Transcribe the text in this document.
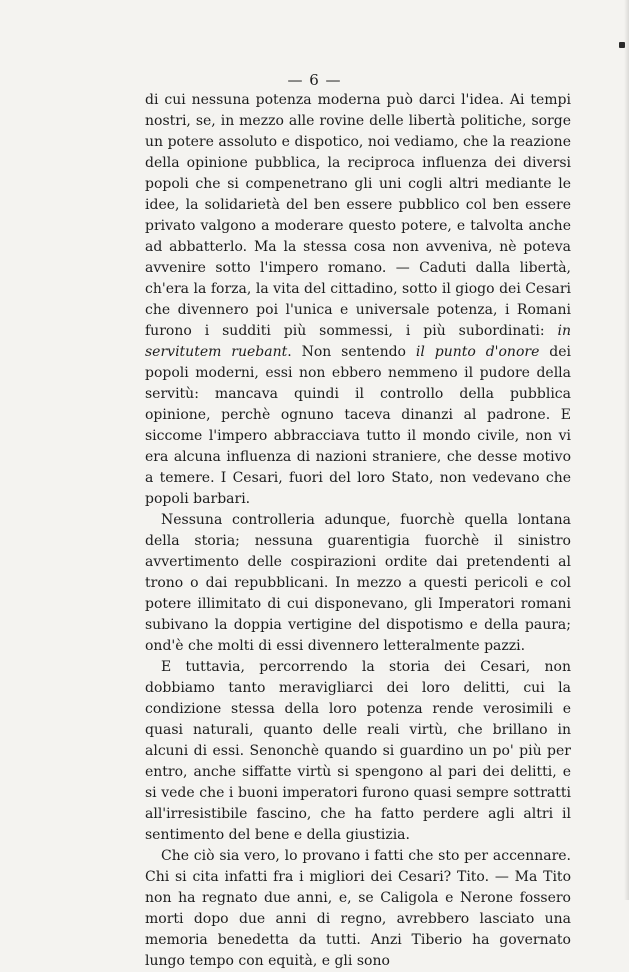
— 6 —

di cui nessuna potenza moderna può darci l'idea. Ai tempi nostri, se, in mezzo alle rovine delle libertà politiche, sorge un potere assoluto e dispotico, noi vediamo, che la reazione della opinione pubblica, la reciproca influenza dei diversi popoli che si compenetrano gli uni cogli altri mediante le idee, la solidarietà del ben essere pubblico col ben essere privato valgono a moderare questo potere, e talvolta anche ad abbatterlo. Ma la stessa cosa non avveniva, nè poteva avvenire sotto l'impero romano. — Caduti dalla libertà, ch'era la forza, la vita del cittadino, sotto il giogo dei Cesari che divennero poi l'unica e universale potenza, i Romani furono i sudditi più sommessi, i più subordinati: in servitutem ruebant. Non sentendo il punto d'onore dei popoli moderni, essi non ebbero nemmeno il pudore della servitù: mancava quindi il controllo della pubblica opinione, perchè ognuno taceva dinanzi al padrone. E siccome l'impero abbracciava tutto il mondo civile, non vi era alcuna influenza di nazioni straniere, che desse motivo a temere. I Cesari, fuori del loro Stato, non vedevano che popoli barbari.

Nessuna controlleria adunque, fuorchè quella lontana della storia; nessuna guarentigia fuorchè il sinistro avvertimento delle cospirazioni ordite dai pretendenti al trono o dai repubblicani. In mezzo a questi pericoli e col potere illimitato di cui disponevano, gli Imperatori romani subivano la doppia vertigine del dispotismo e della paura; ond'è che molti di essi divennero letteralmente pazzi.

E tuttavia, percorrendo la storia dei Cesari, non dobbiamo tanto meravigliarci dei loro delitti, cui la condizione stessa della loro potenza rende verosimili e quasi naturali, quanto delle reali virtù, che brillano in alcuni di essi. Senonchè quando si guardino un po' più per entro, anche siffatte virtù si spengono al pari dei delitti, e si vede che i buoni imperatori furono quasi sempre sottratti all'irresistibile fascino, che ha fatto perdere agli altri il sentimento del bene e della giustizia.

Che ciò sia vero, lo provano i fatti che sto per accennare. Chi si cita infatti fra i migliori dei Cesari? Tito. — Ma Tito non ha regnato due anni, e, se Caligola e Nerone fossero morti dopo due anni di regno, avrebbero lasciato una memoria benedetta da tutti. Anzi Tiberio ha governato lungo tempo con equità, e gli sono
